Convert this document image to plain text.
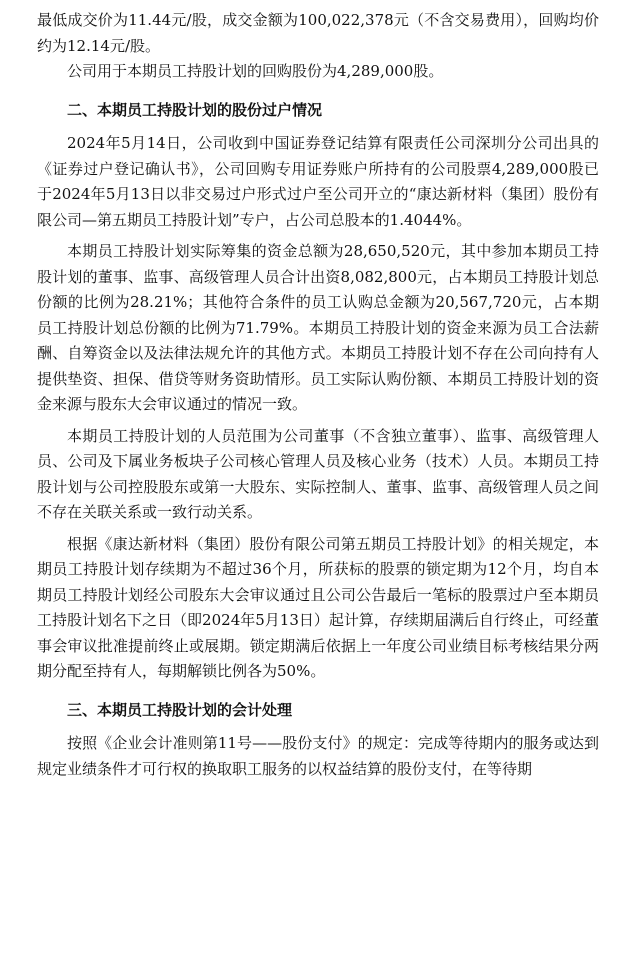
最低成交价为11.44元/股，成交金额为100,022,378元（不含交易费用），回购均价约为12.14元/股。

公司用于本期员工持股计划的回购股份为4,289,000股。

二、本期员工持股计划的股份过户情况

2024年5月14日，公司收到中国证券登记结算有限责任公司深圳分公司出具的《证券过户登记确认书》，公司回购专用证券账户所持有的公司股票4,289,000股已于2024年5月13日以非交易过户形式过户至公司开立的“康达新材料（集团）股份有限公司—第五期员工持股计划”专户，占公司总股本的1.4044%。

本期员工持股计划实际筹集的资金总额为28,650,520元，其中参加本期员工持股计划的董事、监事、高级管理人员合计出资8,082,800元，占本期员工持股计划总份额的比例为28.21%；其他符合条件的员工认购总金额为20,567,720元，占本期员工持股计划总份额的比例为71.79%。本期员工持股计划的资金来源为员工合法薪酬、自筹资金以及法律法规允许的其他方式。本期员工持股计划不存在公司向持有人提供垫资、担保、借贷等财务资助情形。员工实际认购份额、本期员工持股计划的资金来源与股东大会审议通过的情况一致。

本期员工持股计划的人员范围为公司董事（不含独立董事）、监事、高级管理人员、公司及下属业务板块子公司核心管理人员及核心业务（技术）人员。本期员工持股计划与公司控股股东或第一大股东、实际控制人、董事、监事、高级管理人员之间不存在关联关系或一致行动关系。

根据《康达新材料（集团）股份有限公司第五期员工持股计划》的相关规定，本期员工持股计划存续期为不超过36个月，所获标的股票的锁定期为12个月，均自本期员工持股计划经公司股东大会审议通过且公司公告最后一笔标的股票过户至本期员工持股计划名下之日（即2024年5月13日）起计算，存续期届满后自行终止，可经董事会审议批准提前终止或展期。锁定期满后依据上一年度公司业绩目标考核结果分两期分配至持有人，每期解锁比例各为50%。

三、本期员工持股计划的会计处理

按照《企业会计准则第11号——股份支付》的规定：完成等待期内的服务或达到规定业绩条件才可行权的换取职工服务的以权益结算的股份支付，在等待期
